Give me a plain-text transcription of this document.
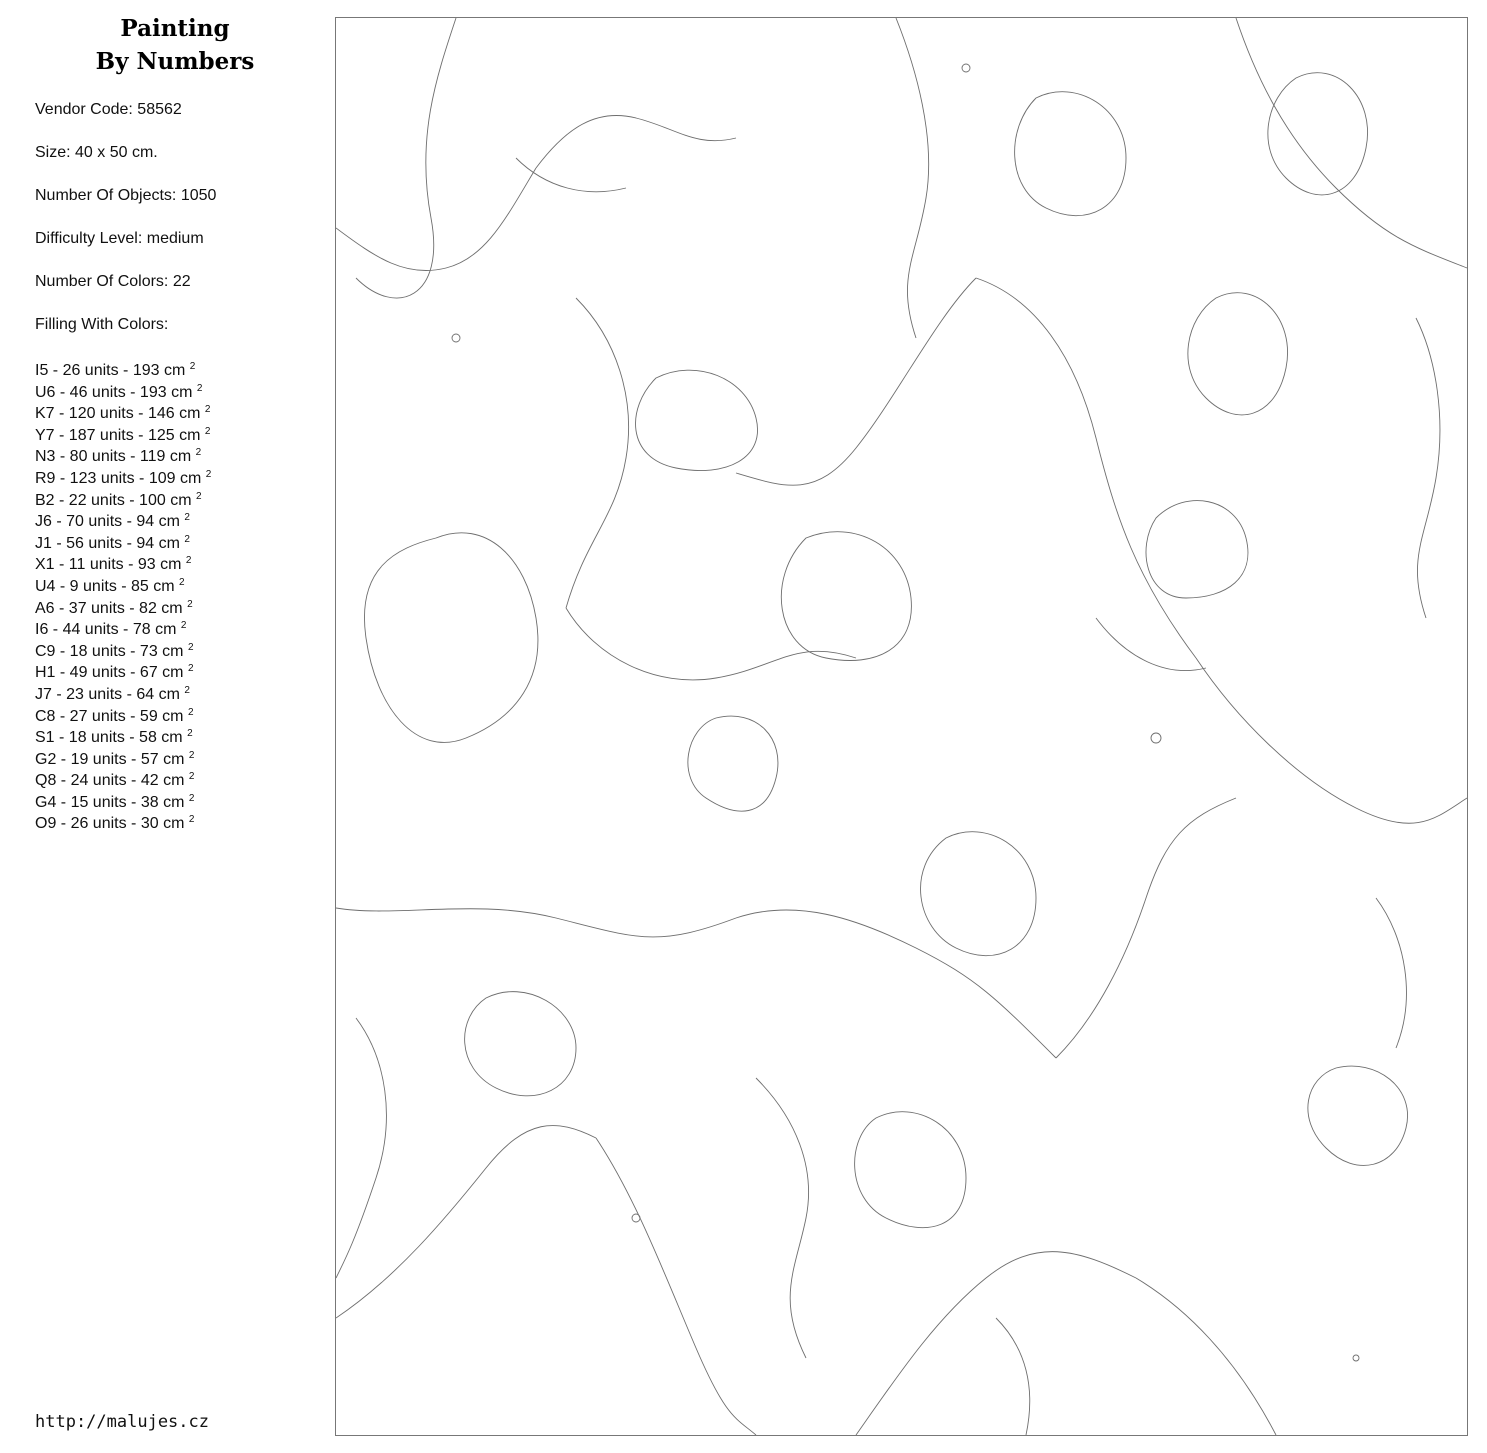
Painting
By Numbers
Vendor Code: 58562
Size: 40 x 50 cm.
Number Of Objects: 1050
Difficulty Level: medium
Number Of Colors: 22
Filling With Colors:
I5 - 26 units - 193 cm $^2$
U6 - 46 units - 193 cm $^2$
K7 - 120 units - 146 cm $^2$
Y7 - 187 units - 125 cm $^2$
N3 - 80 units - 119 cm $^2$
R9 - 123 units - 109 cm $^2$
B2 - 22 units - 100 cm $^2$
J6 - 70 units - 94 cm $^2$
J1 - 56 units - 94 cm $^2$
X1 - 11 units - 93 cm $^2$
U4 - 9 units - 85 cm $^2$
A6 - 37 units - 82 cm $^2$
I6 - 44 units - 78 cm $^2$
C9 - 18 units - 73 cm $^2$
H1 - 49 units - 67 cm $^2$
J7 - 23 units - 64 cm $^2$
C8 - 27 units - 59 cm $^2$
S1 - 18 units - 58 cm $^2$
G2 - 19 units - 57 cm $^2$
Q8 - 24 units - 42 cm $^2$
G4 - 15 units - 38 cm $^2$
O9 - 26 units - 30 cm $^2$
http://malujes.cz
